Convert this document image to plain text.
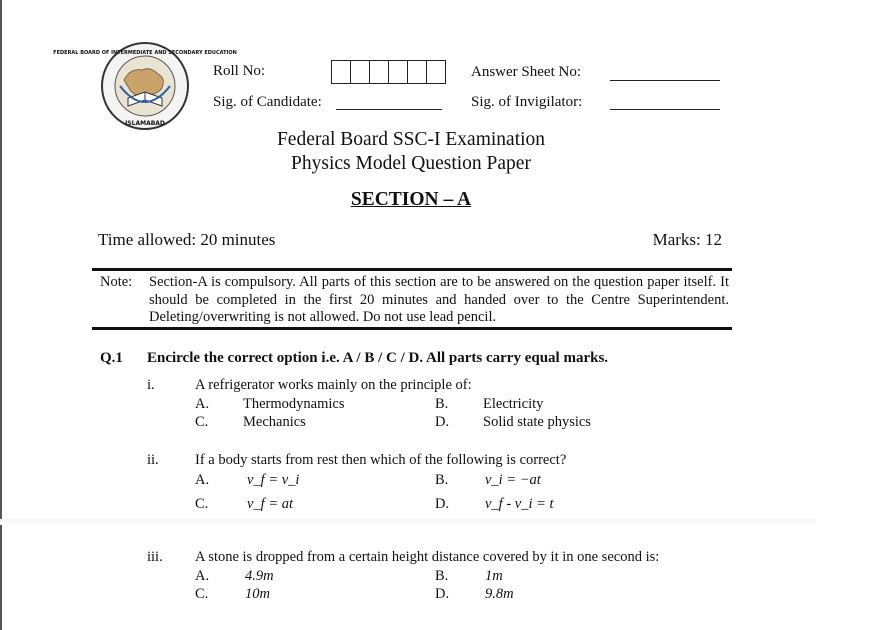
FEDERAL BOARD OF INTERMEDIATE AND SECONDARY EDUCATION
ISLAMABAD
Roll No:	Answer Sheet No:
Sig. of Candidate:	Sig. of Invigilator:
Federal Board SSC-I Examination
Physics Model Question Paper
SECTION – A
Time allowed: 20 minutes	Marks: 12
Note: Section-A is compulsory. All parts of this section are to be answered on the question paper itself. It should be completed in the first 20 minutes and handed over to the Centre Superintendent. Deleting/overwriting is not allowed. Do not use lead pencil.
Q.1 Encircle the correct option i.e. A / B / C / D. All parts carry equal marks.
i.	A refrigerator works mainly on the principle of:
A. Thermodynamics	B. Electricity
C. Mechanics	D. Solid state physics
ii.	If a body starts from rest then which of the following is correct?
A.	v_f = v_i	B.	v_i = −at
C.	v_f = at	D. v_f - v_i = t
iii. A stone is dropped from a certain height distance covered by it in one second is:
A. 4.9m	B.	1m
C.	10m	D. 9.8m
